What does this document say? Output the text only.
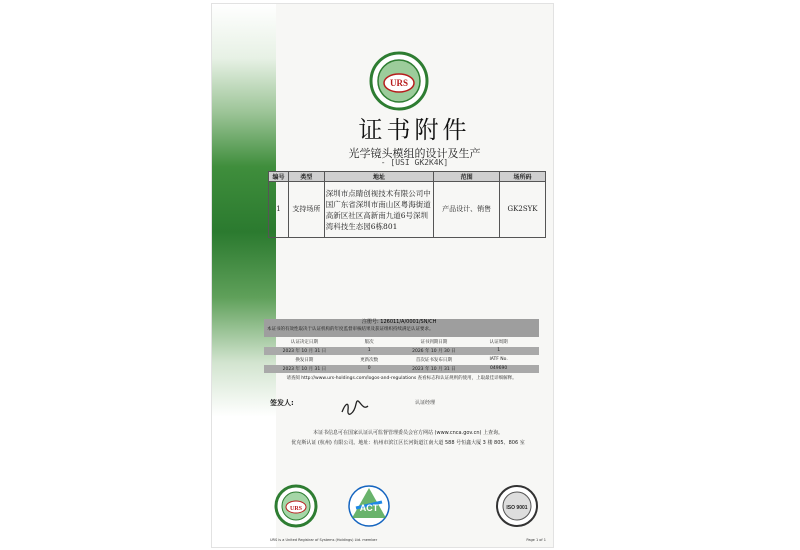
URS
证书附件
光学镜头模组的设计及生产
- [USI GK2K4K]
编号	类型	地址	范围	场所码
1	支持场所	深圳市点睛创视技术有限公司中国广东省深圳市南山区粤海街道高新区社区高新南九道6号深圳湾科技生态园6栋801	产品设计、销售	GK2SYK
注册号: 126011/A/0001/SN/CH
本证书的有效性取决于认证机构的年度监督审核结果及获证组织持续满足认证要求。
认证决定日期	版次	证书到期日期	认证周期
2023 年 10 月 31 日	1	2026 年 10 月 30 日	1
换发日期	更新次数	首次证书发布日期	IATF No.
2023 年 10 月 31 日	0	2023 年 10 月 31 日	049690
请查阅 http://www.urs-holdings.com/logos-and-regulations 查看标志和认证规则的使用，上取最佳详细解释。
签发人:	认证经理
本证书信息可在国家认证认可监督管理委员会官方网站 (www.cnca.gov.cn) 上查询。
优克斯认证 (杭州) 有限公司。地址：杭州市滨江区长河街道江南大道 588 号恒鑫大厦 3 楼 805、806 室
URS	ACT	ISO 9001
URS is a United Registrar of Systems (Holdings) Ltd. member	Page 1 of 1
